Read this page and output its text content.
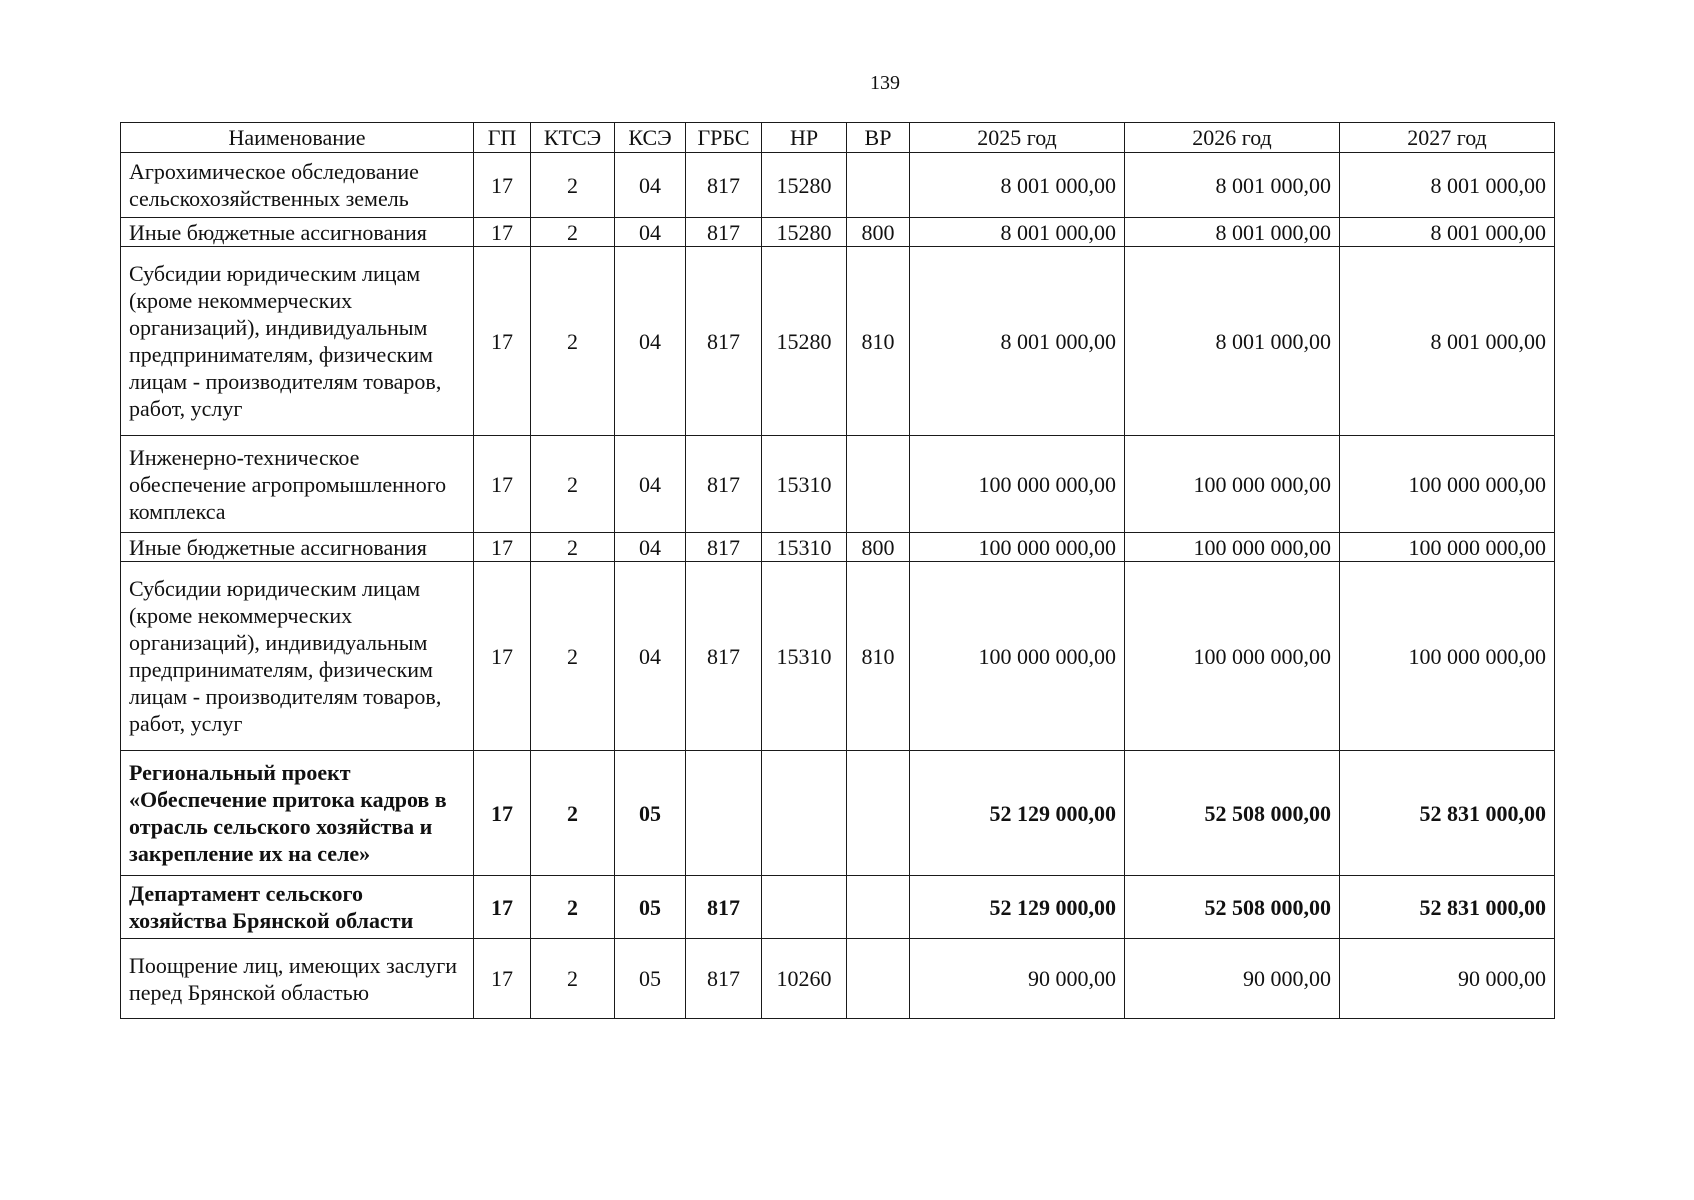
139
Наименование	ГП	КТСЭ	КСЭ	ГРБС	НР	ВР	2025 год	2026 год	2027 год
Агрохимическое обследование сельскохозяйственных земель	17	2	04	817	15280		8 001 000,00	8 001 000,00	8 001 000,00
Иные бюджетные ассигнования	17	2	04	817	15280	800	8 001 000,00	8 001 000,00	8 001 000,00
Субсидии юридическим лицам (кроме некоммерческих организаций), индивидуальным предпринимателям, физическим лицам - производителям товаров, работ, услуг	17	2	04	817	15280	810	8 001 000,00	8 001 000,00	8 001 000,00
Инженерно-техническое обеспечение агропромышленного комплекса	17	2	04	817	15310		100 000 000,00	100 000 000,00	100 000 000,00
Иные бюджетные ассигнования	17	2	04	817	15310	800	100 000 000,00	100 000 000,00	100 000 000,00
Субсидии юридическим лицам (кроме некоммерческих организаций), индивидуальным предпринимателям, физическим лицам - производителям товаров, работ, услуг	17	2	04	817	15310	810	100 000 000,00	100 000 000,00	100 000 000,00
Региональный проект «Обеспечение притока кадров в отрасль сельского хозяйства и закрепление их на селе»	17	2	05				52 129 000,00	52 508 000,00	52 831 000,00
Департамент сельского хозяйства Брянской области	17	2	05	817			52 129 000,00	52 508 000,00	52 831 000,00
Поощрение лиц, имеющих заслуги перед Брянской областью	17	2	05	817	10260		90 000,00	90 000,00	90 000,00
